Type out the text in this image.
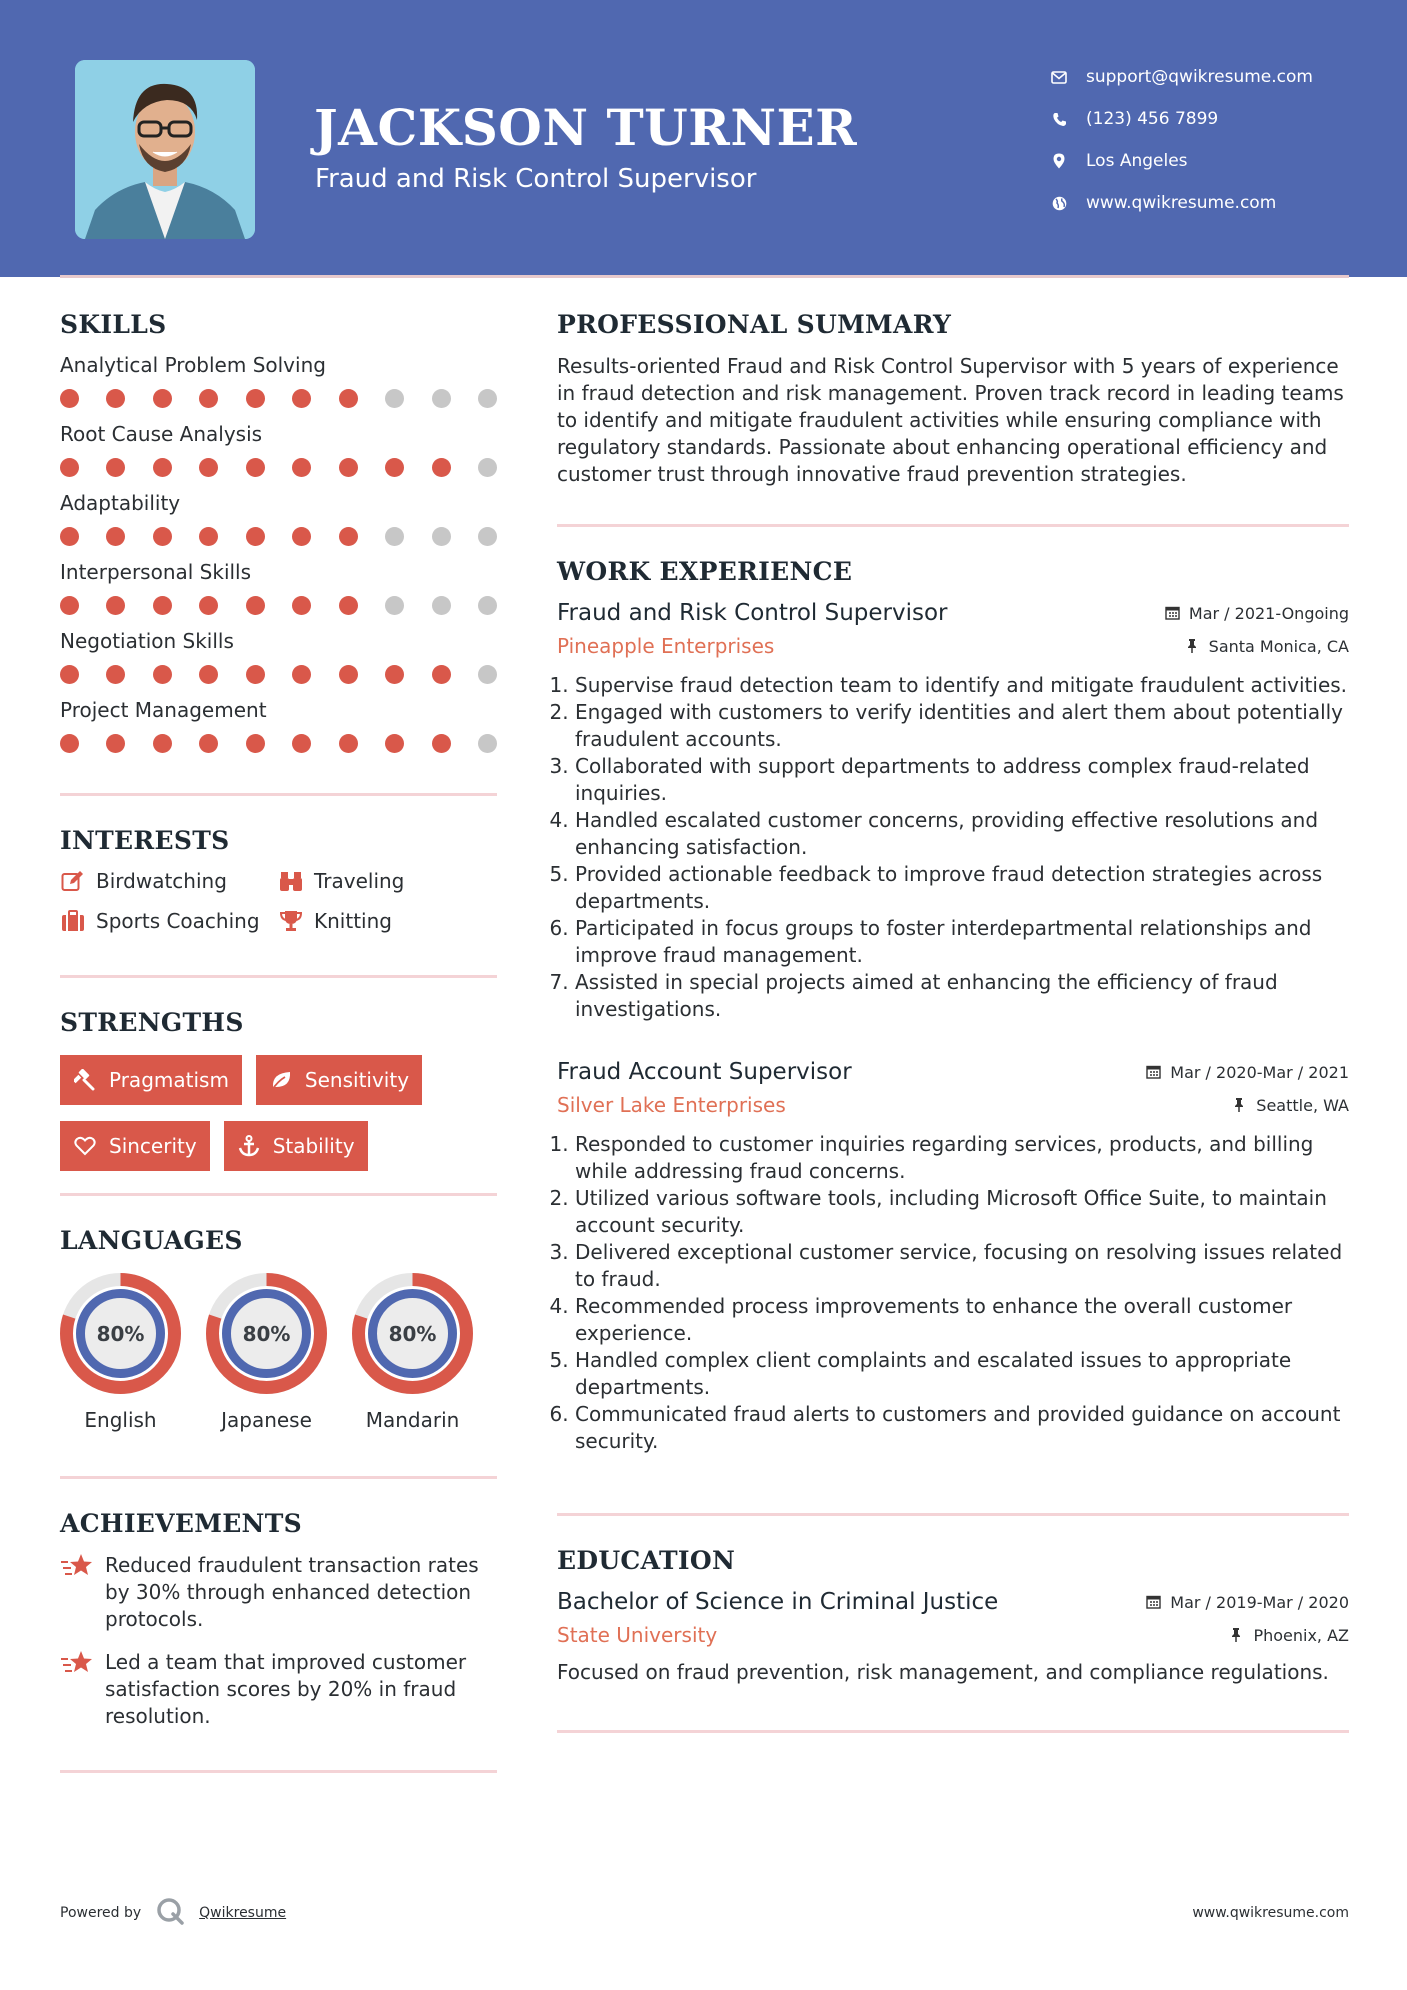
JACKSON TURNER
Fraud and Risk Control Supervisor
support@qwikresume.com
(123) 456 7899
Los Angeles
www.qwikresume.com
SKILLS
Analytical Problem Solving
Root Cause Analysis
Adaptability
Interpersonal Skills
Negotiation Skills
Project Management
INTERESTS
Birdwatching	Traveling
Sports Coaching	Knitting
STRENGTHS
Pragmatism	Sensitivity
Sincerity	Stability
LANGUAGES
80%
English
80%
Japanese
80%
Mandarin
ACHIEVEMENTS
Reduced fraudulent transaction rates by 30% through enhanced detection protocols.
Led a team that improved customer satisfaction scores by 20% in fraud resolution.
PROFESSIONAL SUMMARY

Results-oriented Fraud and Risk Control Supervisor with 5 years of experience in fraud detection and risk management. Proven track record in leading teams to identify and mitigate fraudulent activities while ensuring compliance with regulatory standards. Passionate about enhancing operational efficiency and customer trust through innovative fraud prevention strategies.

WORK EXPERIENCE
Fraud and Risk Control Supervisor	Mar / 2021-Ongoing
Pineapple Enterprises	Santa Monica, CA
1. Supervise fraud detection team to identify and mitigate fraudulent activities.
2. Engaged with customers to verify identities and alert them about potentially fraudulent accounts.
3. Collaborated with support departments to address complex fraud-related inquiries.
4. Handled escalated customer concerns, providing effective resolutions and enhancing satisfaction.
5. Provided actionable feedback to improve fraud detection strategies across departments.
6. Participated in focus groups to foster interdepartmental relationships and improve fraud management.
7. Assisted in special projects aimed at enhancing the efficiency of fraud investigations.
Fraud Account Supervisor	Mar / 2020-Mar / 2021
Silver Lake Enterprises	Seattle, WA
1. Responded to customer inquiries regarding services, products, and billing while addressing fraud concerns.
2. Utilized various software tools, including Microsoft Office Suite, to maintain account security.
3. Delivered exceptional customer service, focusing on resolving issues related to fraud.
4. Recommended process improvements to enhance the overall customer experience.
5. Handled complex client complaints and escalated issues to appropriate departments.
6. Communicated fraud alerts to customers and provided guidance on account security.
EDUCATION
Bachelor of Science in Criminal Justice	Mar / 2019-Mar / 2020
State University	Phoenix, AZ

Focused on fraud prevention, risk management, and compliance regulations.

Powered by	Qwikresume	www.qwikresume.com
